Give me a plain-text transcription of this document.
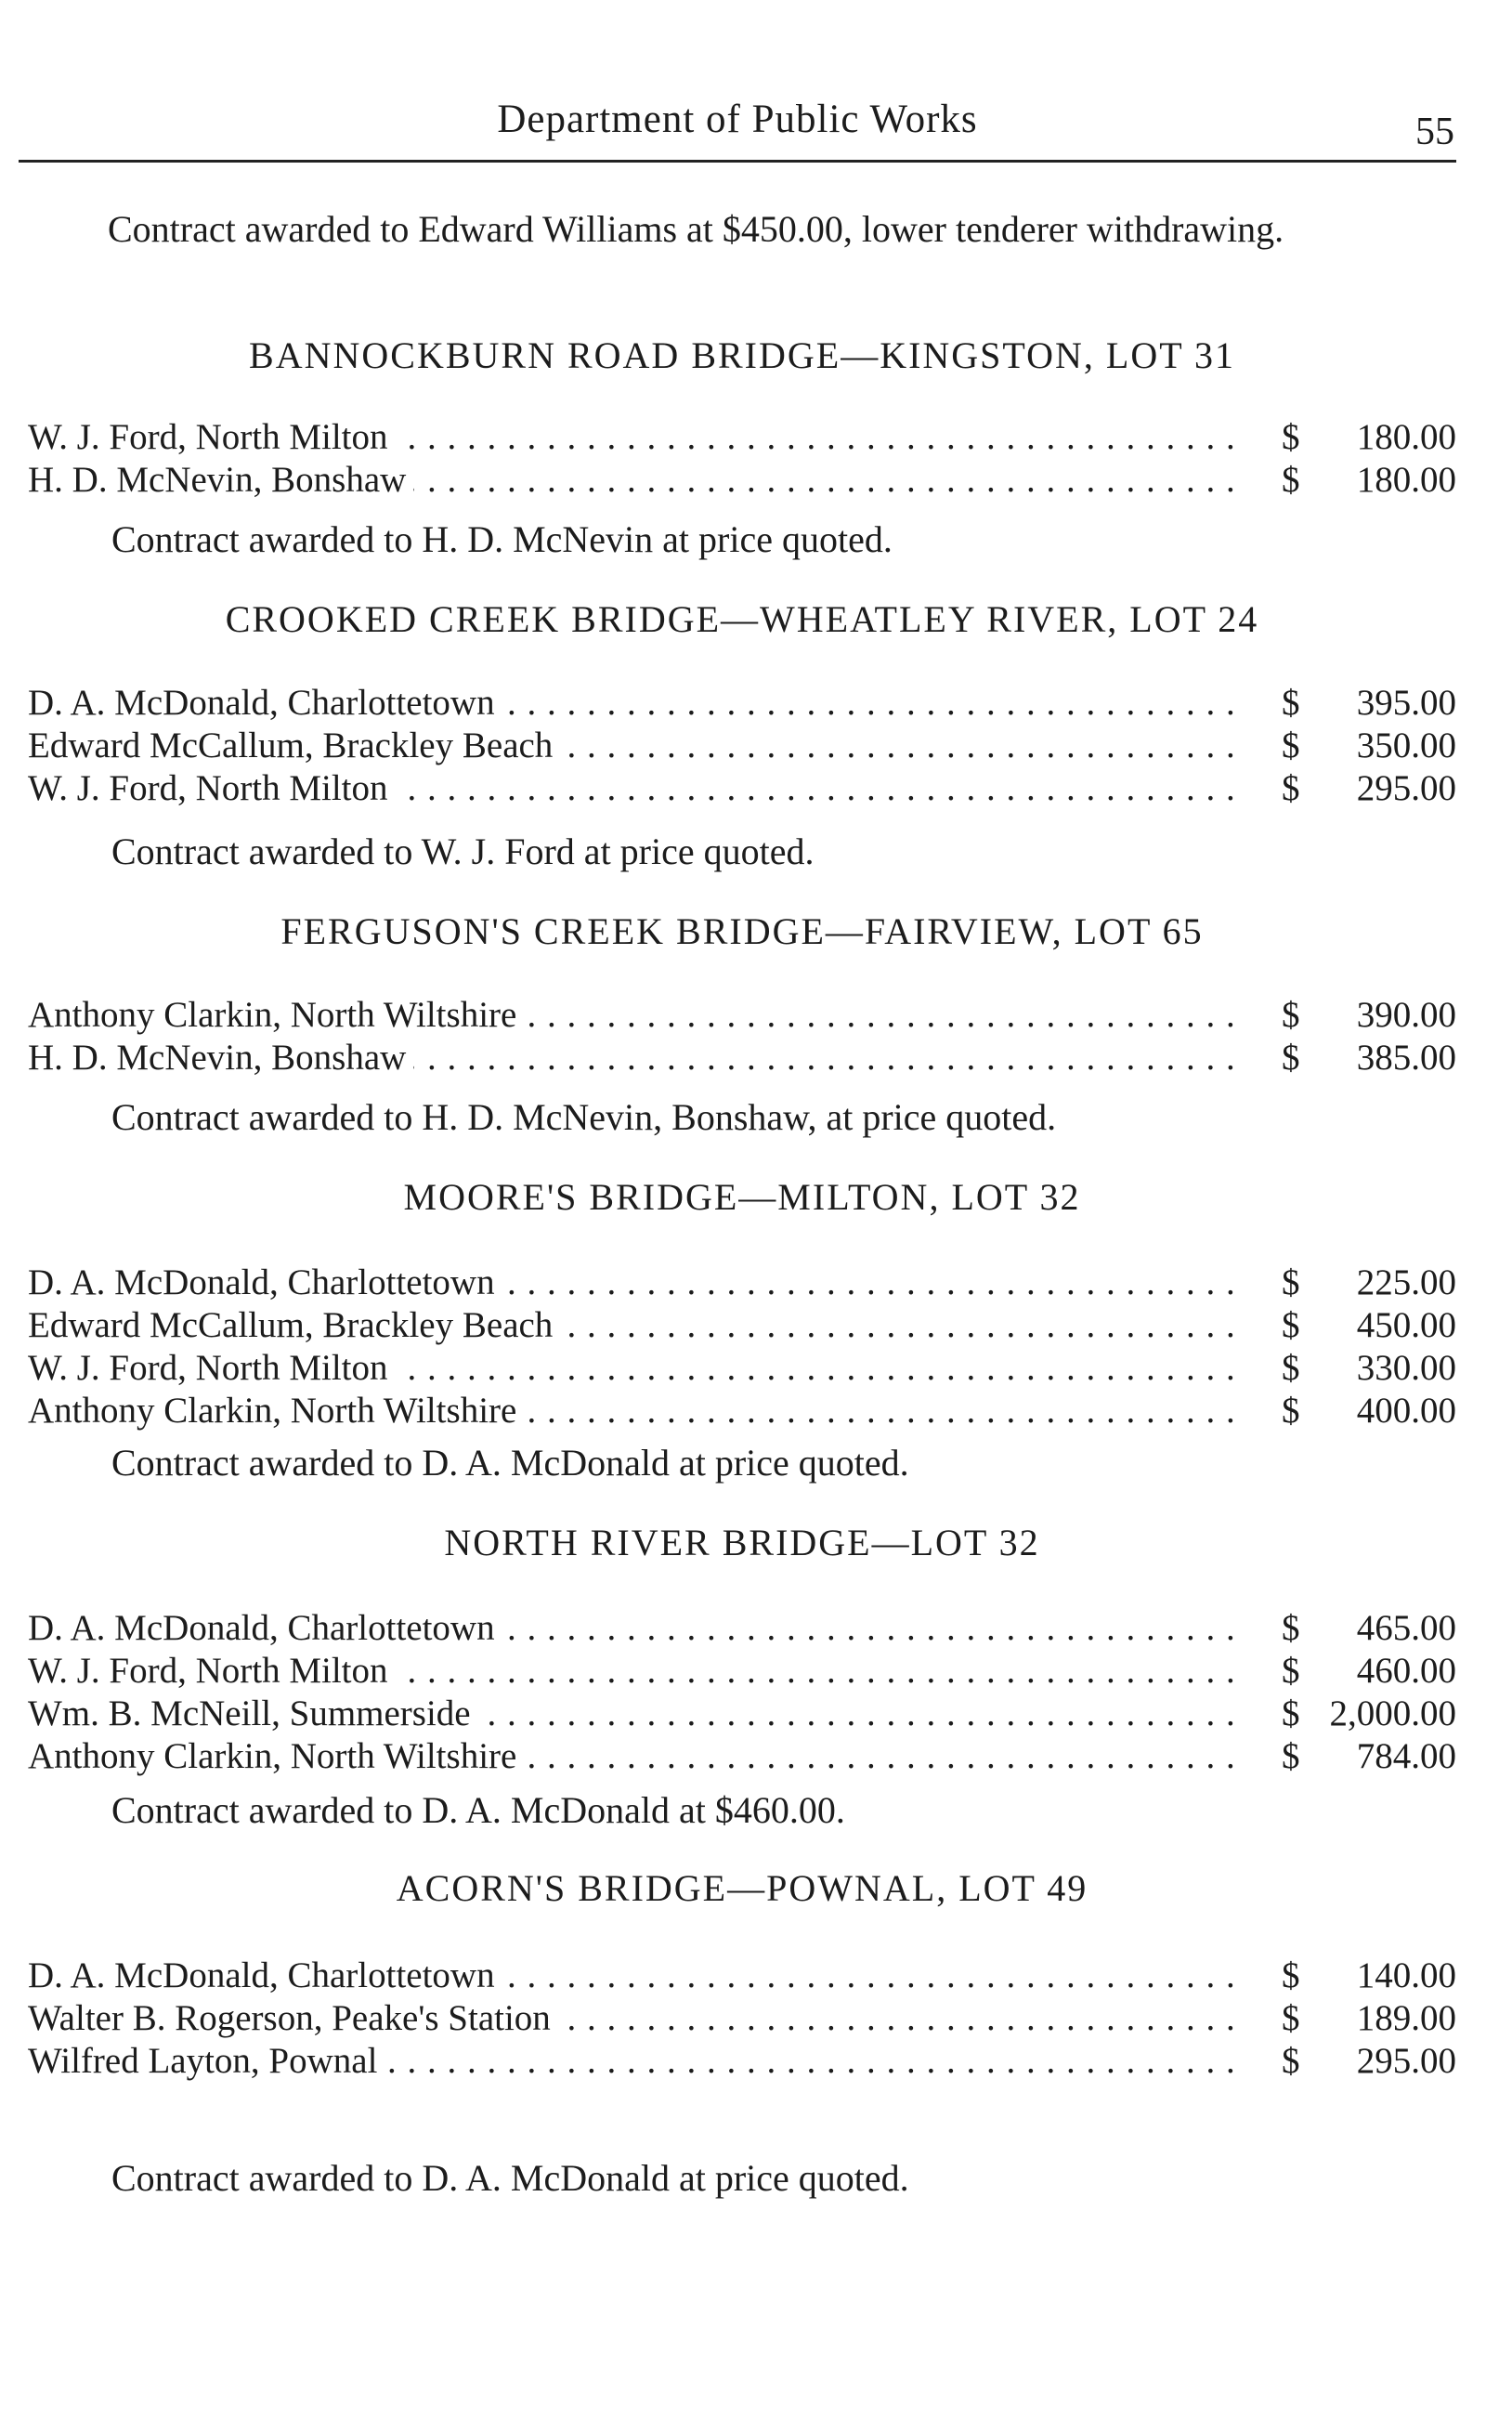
Department of Public Works	55

Contract awarded to Edward Williams at $450.00, lower tenderer withdrawing.

BANNOCKBURN ROAD BRIDGE—KINGSTON, LOT 31
W. J. Ford, North Milton . . .	$ 180.00
H. D. McNevin, Bonshaw . . .	$ 180.00
Contract awarded to H. D. McNevin at price quoted.
CROOKED CREEK BRIDGE—WHEATLEY RIVER, LOT 24
D. A. McDonald, Charlottetown . . .	$ 395.00
Edward McCallum, Brackley Beach . . .	$ 350.00
W. J. Ford, North Milton . . .	$ 295.00
Contract awarded to W. J. Ford at price quoted.
FERGUSON'S CREEK BRIDGE—FAIRVIEW, LOT 65
Anthony Clarkin, North Wiltshire . . .	$ 390.00
H. D. McNevin, Bonshaw . . .	$ 385.00
Contract awarded to H. D. McNevin, Bonshaw, at price quoted.
MOORE'S BRIDGE—MILTON, LOT 32
D. A. McDonald, Charlottetown . . .	$ 225.00
Edward McCallum, Brackley Beach . . .	$ 450.00
W. J. Ford, North Milton . . .	$ 330.00
Anthony Clarkin, North Wiltshire . . .	$ 400.00
Contract awarded to D. A. McDonald at price quoted.
NORTH RIVER BRIDGE—LOT 32
D. A. McDonald, Charlottetown . . .	$ 465.00
W. J. Ford, North Milton . . .	$ 460.00
Wm. B. McNeill, Summerside . . .	$ 2,000.00
Anthony Clarkin, North Wiltshire . . .	$ 784.00
Contract awarded to D. A. McDonald at $460.00.
ACORN'S BRIDGE—POWNAL, LOT 49
D. A. McDonald, Charlottetown . . .	$ 140.00
Walter B. Rogerson, Peake's Station . . .	$ 189.00
Wilfred Layton, Pownal . . .	$ 295.00
Contract awarded to D. A. McDonald at price quoted.
